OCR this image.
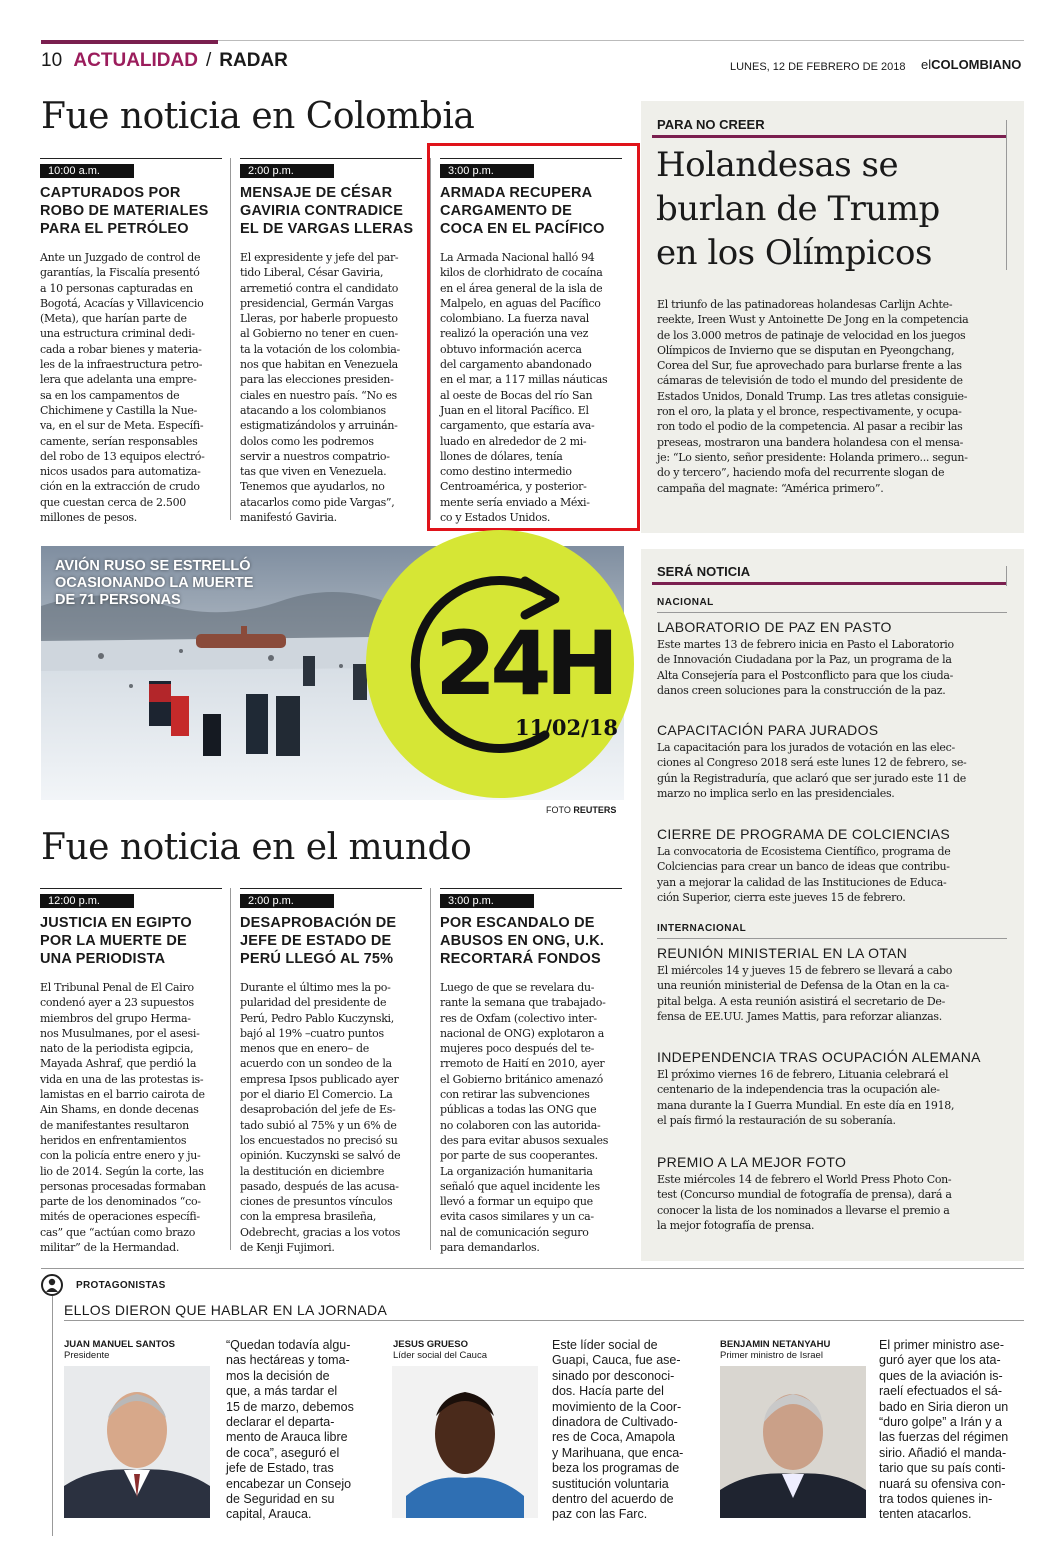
10 ACTUALIDAD / RADAR	LUNES, 12 DE FEBRERO DE 2018 elCOLOMBIANO
Fue noticia en Colombia
10:00 a.m.
CAPTURADOS POR
ROBO DE MATERIALES
PARA EL PETRÓLEO

Ante un Juzgado de control de
garantías, la Fiscalía presentó
a 10 personas capturadas en
Bogotá, Acacías y Villavicencio
(Meta), que harían parte de
una estructura criminal dedi-
cada a robar bienes y materia-
les de la infraestructura petro-
lera que adelanta una empre-
sa en los campamentos de
Chichimene y Castilla la Nue-
va, en el sur de Meta. Específi-
camente, serían responsables
del robo de 13 equipos electró-
nicos usados para automatiza-
ción en la extracción de crudo
que cuestan cerca de 2.500
millones de pesos.

2:00 p.m.
MENSAJE DE CÉSAR
GAVIRIA CONTRADICE
EL DE VARGAS LLERAS

El expresidente y jefe del par-
tido Liberal, César Gaviria,
arremetió contra el candidato
presidencial, Germán Vargas
Lleras, por haberle propuesto
al Gobierno no tener en cuen-
ta la votación de los colombia-
nos que habitan en Venezuela
para las elecciones presiden-
ciales en nuestro país. “No es
atacando a los colombianos
estigmatizándolos y arruinán-
dolos como les podremos
servir a nuestros compatrio-
tas que viven en Venezuela.
Tenemos que ayudarlos, no
atacarlos como pide Vargas”,
manifestó Gaviria.

3:00 p.m.
ARMADA RECUPERA
CARGAMENTO DE
COCA EN EL PACÍFICO

La Armada Nacional halló 94
kilos de clorhidrato de cocaína
en el área general de la isla de
Malpelo, en aguas del Pacífico
colombiano. La fuerza naval
realizó la operación una vez
obtuvo información acerca
del cargamento abandonado
en el mar, a 117 millas náuticas
al oeste de Bocas del río San
Juan en el litoral Pacífico. El
cargamento, que estaría ava-
luado en alrededor de 2 mi-
llones de dólares, tenía
como destino intermedio
Centroamérica, y posterior-
mente sería enviado a Méxi-
co y Estados Unidos.

PARA NO CREER
Holandesas se
burlan de Trump
en los Olímpicos
El triunfo de las patinadoreas holandesas Carlijn Achte-
reekte, Ireen Wust y Antoinette De Jong en la competencia
de los 3.000 metros de patinaje de velocidad en los juegos
Olímpicos de Invierno que se disputan en Pyeongchang,
Corea del Sur, fue aprovechado para burlarse frente a las
cámaras de televisión de todo el mundo del presidente de
Estados Unidos, Donald Trump. Las tres atletas consiguie-
ron el oro, la plata y el bronce, respectivamente, y ocupa-
ron todo el podio de la competencia. Al pasar a recibir las
preseas, mostraron una bandera holandesa con el mensa-
je: “Lo siento, señor presidente: Holanda primero... segun-
do y tercero”, haciendo mofa del recurrente slogan de
campaña del magnate: “América primero”.
AVIÓN RUSO SE ESTRELLÓ
OCASIONANDO LA MUERTE
DE 71 PERSONAS
24H
11/02/18
FOTO REUTERS
SERÁ NOTICIA
NACIONAL
LABORATORIO DE PAZ EN PASTO
Este martes 13 de febrero inicia en Pasto el Laboratorio
de Innovación Ciudadana por la Paz, un programa de la
Alta Consejería para el Postconflicto para que los ciuda-
danos creen soluciones para la construcción de la paz.
CAPACITACIÓN PARA JURADOS
La capacitación para los jurados de votación en las elec-
ciones al Congreso 2018 será este lunes 12 de febrero, se-
gún la Registraduría, que aclaró que ser jurado este 11 de
marzo no implica serlo en las presidenciales.
CIERRE DE PROGRAMA DE COLCIENCIAS
La convocatoria de Ecosistema Científico, programa de
Colciencias para crear un banco de ideas que contribu-
yan a mejorar la calidad de las Instituciones de Educa-
ción Superior, cierra este jueves 15 de febrero.
INTERNACIONAL
REUNIÓN MINISTERIAL EN LA OTAN
El miércoles 14 y jueves 15 de febrero se llevará a cabo
una reunión ministerial de Defensa de la Otan en la ca-
pital belga. A esta reunión asistirá el secretario de De-
fensa de EE.UU. James Mattis, para reforzar alianzas.
INDEPENDENCIA TRAS OCUPACIÓN ALEMANA
El próximo viernes 16 de febrero, Lituania celebrará el
centenario de la independencia tras la ocupación ale-
mana durante la I Guerra Mundial. En este día en 1918,
el país firmó la restauración de su soberanía.
PREMIO A LA MEJOR FOTO
Este miércoles 14 de febrero el World Press Photo Con-
test (Concurso mundial de fotografía de prensa), dará a
conocer la lista de los nominados a llevarse el premio a
la mejor fotografía de prensa.
Fue noticia en el mundo
12:00 p.m.
JUSTICIA EN EGIPTO
POR LA MUERTE DE
UNA PERIODISTA

El Tribunal Penal de El Cairo
condenó ayer a 23 supuestos
miembros del grupo Herma-
nos Musulmanes, por el asesi-
nato de la periodista egipcia,
Mayada Ashraf, que perdió la
vida en una de las protestas is-
lamistas en el barrio cairota de
Ain Shams, en donde decenas
de manifestantes resultaron
heridos en enfrentamientos
con la policía entre enero y ju-
lio de 2014. Según la corte, las
personas procesadas formaban
parte de los denominados “co-
mités de operaciones específi-
cas” que “actúan como brazo
militar” de la Hermandad.

2:00 p.m.
DESAPROBACIÓN DE
JEFE DE ESTADO DE
PERÚ LLEGÓ AL 75%

Durante el último mes la po-
pularidad del presidente de
Perú, Pedro Pablo Kuczynski,
bajó al 19% –cuatro puntos
menos que en enero– de
acuerdo con un sondeo de la
empresa Ipsos publicado ayer
por el diario El Comercio. La
desaprobación del jefe de Es-
tado subió al 75% y un 6% de
los encuestados no precisó su
opinión. Kuczynski se salvó de
la destitución en diciembre
pasado, después de las acusa-
ciones de presuntos vínculos
con la empresa brasileña,
Odebrecht, gracias a los votos
de Kenji Fujimori.

3:00 p.m.
POR ESCANDALO DE
ABUSOS EN ONG, U.K.
RECORTARÁ FONDOS

Luego de que se revelara du-
rante la semana que trabajado-
res de Oxfam (colectivo inter-
nacional de ONG) explotaron a
mujeres poco después del te-
rremoto de Haití en 2010, ayer
el Gobierno británico amenazó
con retirar las subvenciones
públicas a todas las ONG que
no colaboren con las autorida-
des para evitar abusos sexuales
por parte de sus cooperantes.
La organización humanitaria
señaló que aquel incidente les
llevó a formar un equipo que
evita casos similares y un ca-
nal de comunicación seguro
para demandarlos.

PROTAGONISTAS
ELLOS DIERON QUE HABLAR EN LA JORNADA
JUAN MANUEL SANTOS
Presidente
“Quedan todavía algu-
nas hectáreas y toma-
mos la decisión de
que, a más tardar el
15 de marzo, debemos
declarar el departa-
mento de Arauca libre
de coca”, aseguró el
jefe de Estado, tras
encabezar un Consejo
de Seguridad en su
capital, Arauca.
JESUS GRUESO
Líder social del Cauca
Este líder social de
Guapi, Cauca, fue ase-
sinado por desconoci-
dos. Hacía parte del
movimiento de la Coor-
dinadora de Cultivado-
res de Coca, Amapola
y Marihuana, que enca-
beza los programas de
sustitución voluntaria
dentro del acuerdo de
paz con las Farc.
BENJAMIN NETANYAHU
Primer ministro de Israel
El primer ministro ase-
guró ayer que los ata-
ques de la aviación is-
raelí efectuados el sá-
bado en Siria dieron un
“duro golpe” a Irán y a
las fuerzas del régimen
sirio. Añadió el manda-
tario que su país conti-
nuará su ofensiva con-
tra todos quienes in-
tenten atacarlos.
